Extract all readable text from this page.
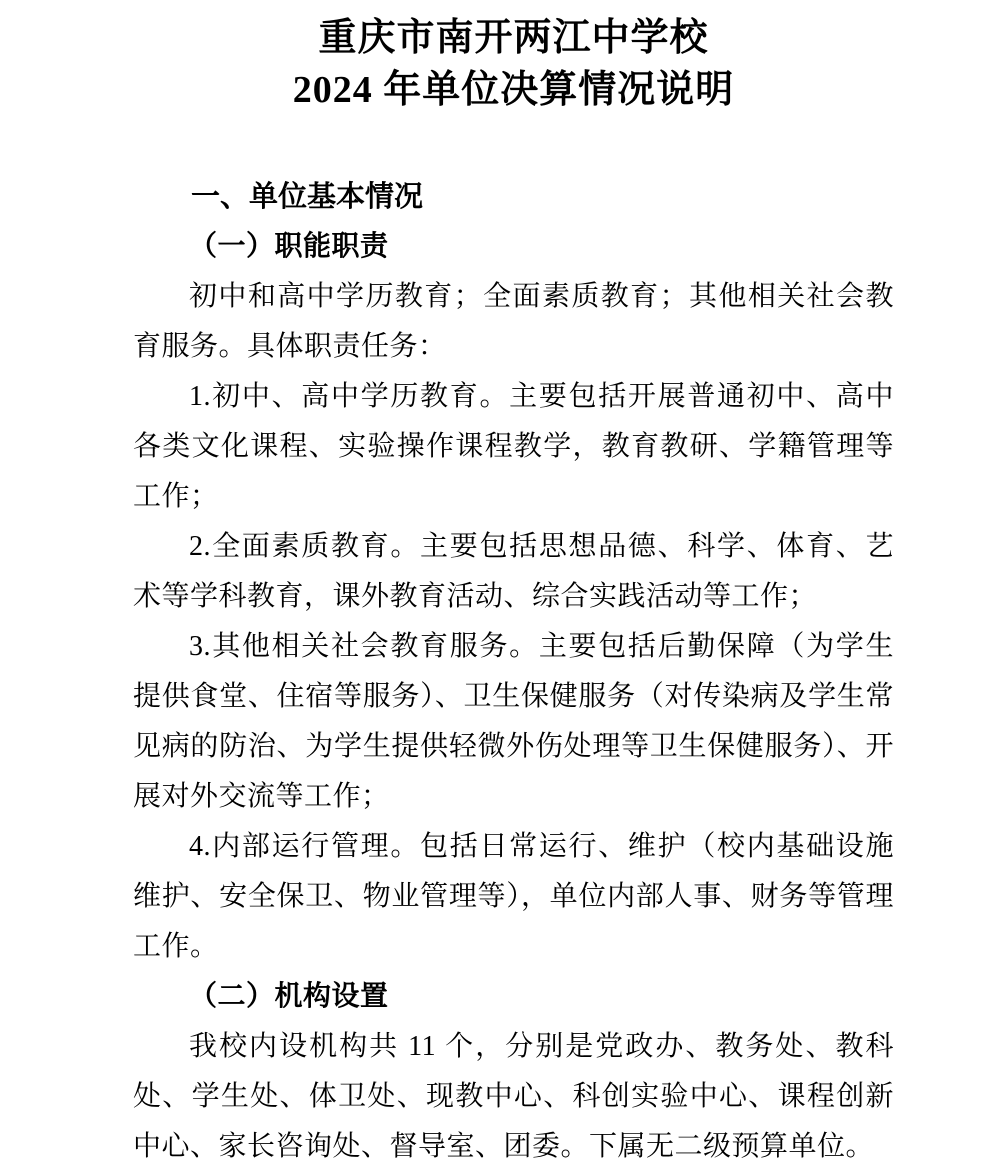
重庆市南开两江中学校
2024 年单位决算情况说明

一、单位基本情况

（一）职能职责

初中和高中学历教育；全面素质教育；其他相关社会教育服务。具体职责任务：

1.初中、高中学历教育。主要包括开展普通初中、高中各类文化课程、实验操作课程教学，教育教研、学籍管理等工作；

2.全面素质教育。主要包括思想品德、科学、体育、艺术等学科教育，课外教育活动、综合实践活动等工作；

3.其他相关社会教育服务。主要包括后勤保障（为学生提供食堂、住宿等服务）、卫生保健服务（对传染病及学生常见病的防治、为学生提供轻微外伤处理等卫生保健服务）、开展对外交流等工作；

4.内部运行管理。包括日常运行、维护（校内基础设施维护、安全保卫、物业管理等），单位内部人事、财务等管理工作。

（二）机构设置

我校内设机构共 11 个，分别是党政办、教务处、教科处、学生处、体卫处、现教中心、科创实验中心、课程创新中心、家长咨询处、督导室、团委。下属无二级预算单位。
